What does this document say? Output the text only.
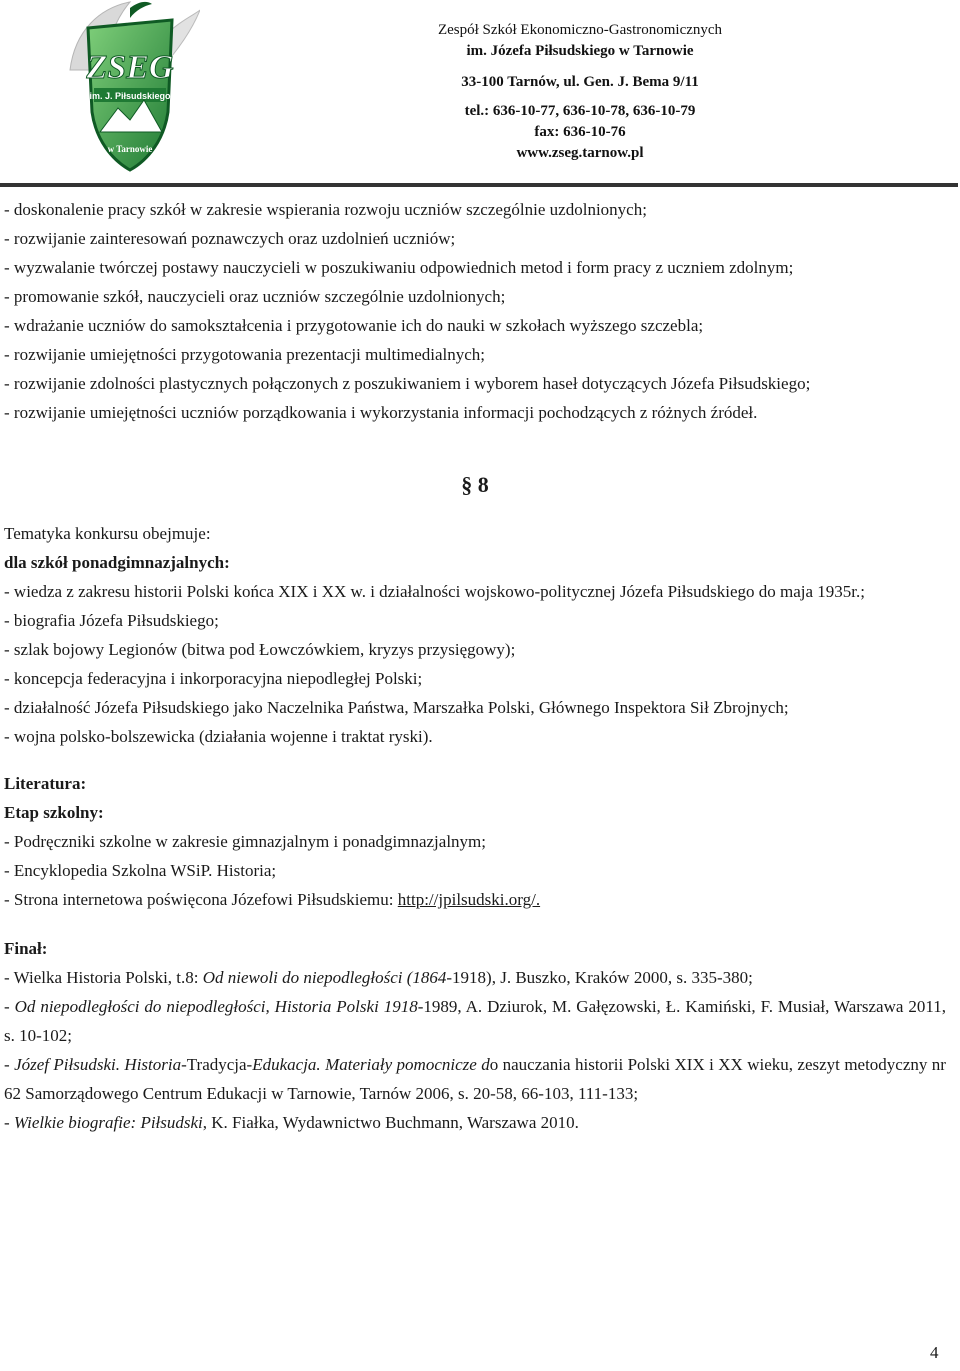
ZSEG
im. J. Piłsudskiego
w Tarnowie
Zespół Szkół Ekonomiczno-Gastronomicznych
im. Józefa Piłsudskiego w Tarnowie
33-100 Tarnów, ul. Gen. J. Bema 9/11
tel.: 636-10-77, 636-10-78, 636-10-79
fax: 636-10-76
www.zseg.tarnow.pl

- doskonalenie pracy szkół w zakresie wspierania rozwoju uczniów szczególnie uzdolnionych;

- rozwijanie zainteresowań poznawczych oraz uzdolnień uczniów;

- wyzwalanie twórczej postawy nauczycieli w poszukiwaniu odpowiednich metod i form pracy z uczniem zdolnym;

- promowanie szkół, nauczycieli oraz uczniów szczególnie uzdolnionych;

- wdrażanie uczniów do samokształcenia i przygotowanie ich do nauki w szkołach wyższego szczebla;

- rozwijanie umiejętności przygotowania prezentacji multimedialnych;

- rozwijanie zdolności plastycznych połączonych z poszukiwaniem i wyborem haseł dotyczących Józefa Piłsudskiego;

- rozwijanie umiejętności uczniów porządkowania i wykorzystania informacji pochodzących z różnych źródeł.

§ 8

Tematyka konkursu obejmuje:

dla szkół ponadgimnazjalnych:

- wiedza z zakresu historii Polski końca XIX i XX w. i działalności wojskowo-politycznej Józefa Piłsudskiego do maja 1935r.;

- biografia Józefa Piłsudskiego;

- szlak bojowy Legionów (bitwa pod Łowczówkiem, kryzys przysięgowy);

- koncepcja federacyjna i inkorporacyjna niepodległej Polski;

- działalność Józefa Piłsudskiego jako Naczelnika Państwa, Marszałka Polski, Głównego Inspektora Sił Zbrojnych;

- wojna polsko-bolszewicka (działania wojenne i traktat ryski).

Literatura:

Etap szkolny:

- Podręczniki szkolne w zakresie gimnazjalnym i ponadgimnazjalnym;

- Encyklopedia Szkolna WSiP. Historia;

- Strona internetowa poświęcona Józefowi Piłsudskiemu: http://jpilsudski.org/.

Finał:

- Wielka Historia Polski, t.8: Od niewoli do niepodległości (1864-1918), J. Buszko, Kraków 2000, s. 335-380;

- Od niepodległości do niepodległości, Historia Polski 1918-1989, A. Dziurok, M. Gałęzowski, Ł. Kamiński, F. Musiał, Warszawa 2011, s. 10-102;

- Józef Piłsudski. Historia-Tradycja-Edukacja. Materiały pomocnicze do nauczania historii Polski XIX i XX wieku, zeszyt metodyczny nr 62 Samorządowego Centrum Edukacji w Tarnowie, Tarnów 2006, s. 20-58, 66-103, 111-133;

- Wielkie biografie: Piłsudski, K. Fiałka, Wydawnictwo Buchmann, Warszawa 2010.

4
